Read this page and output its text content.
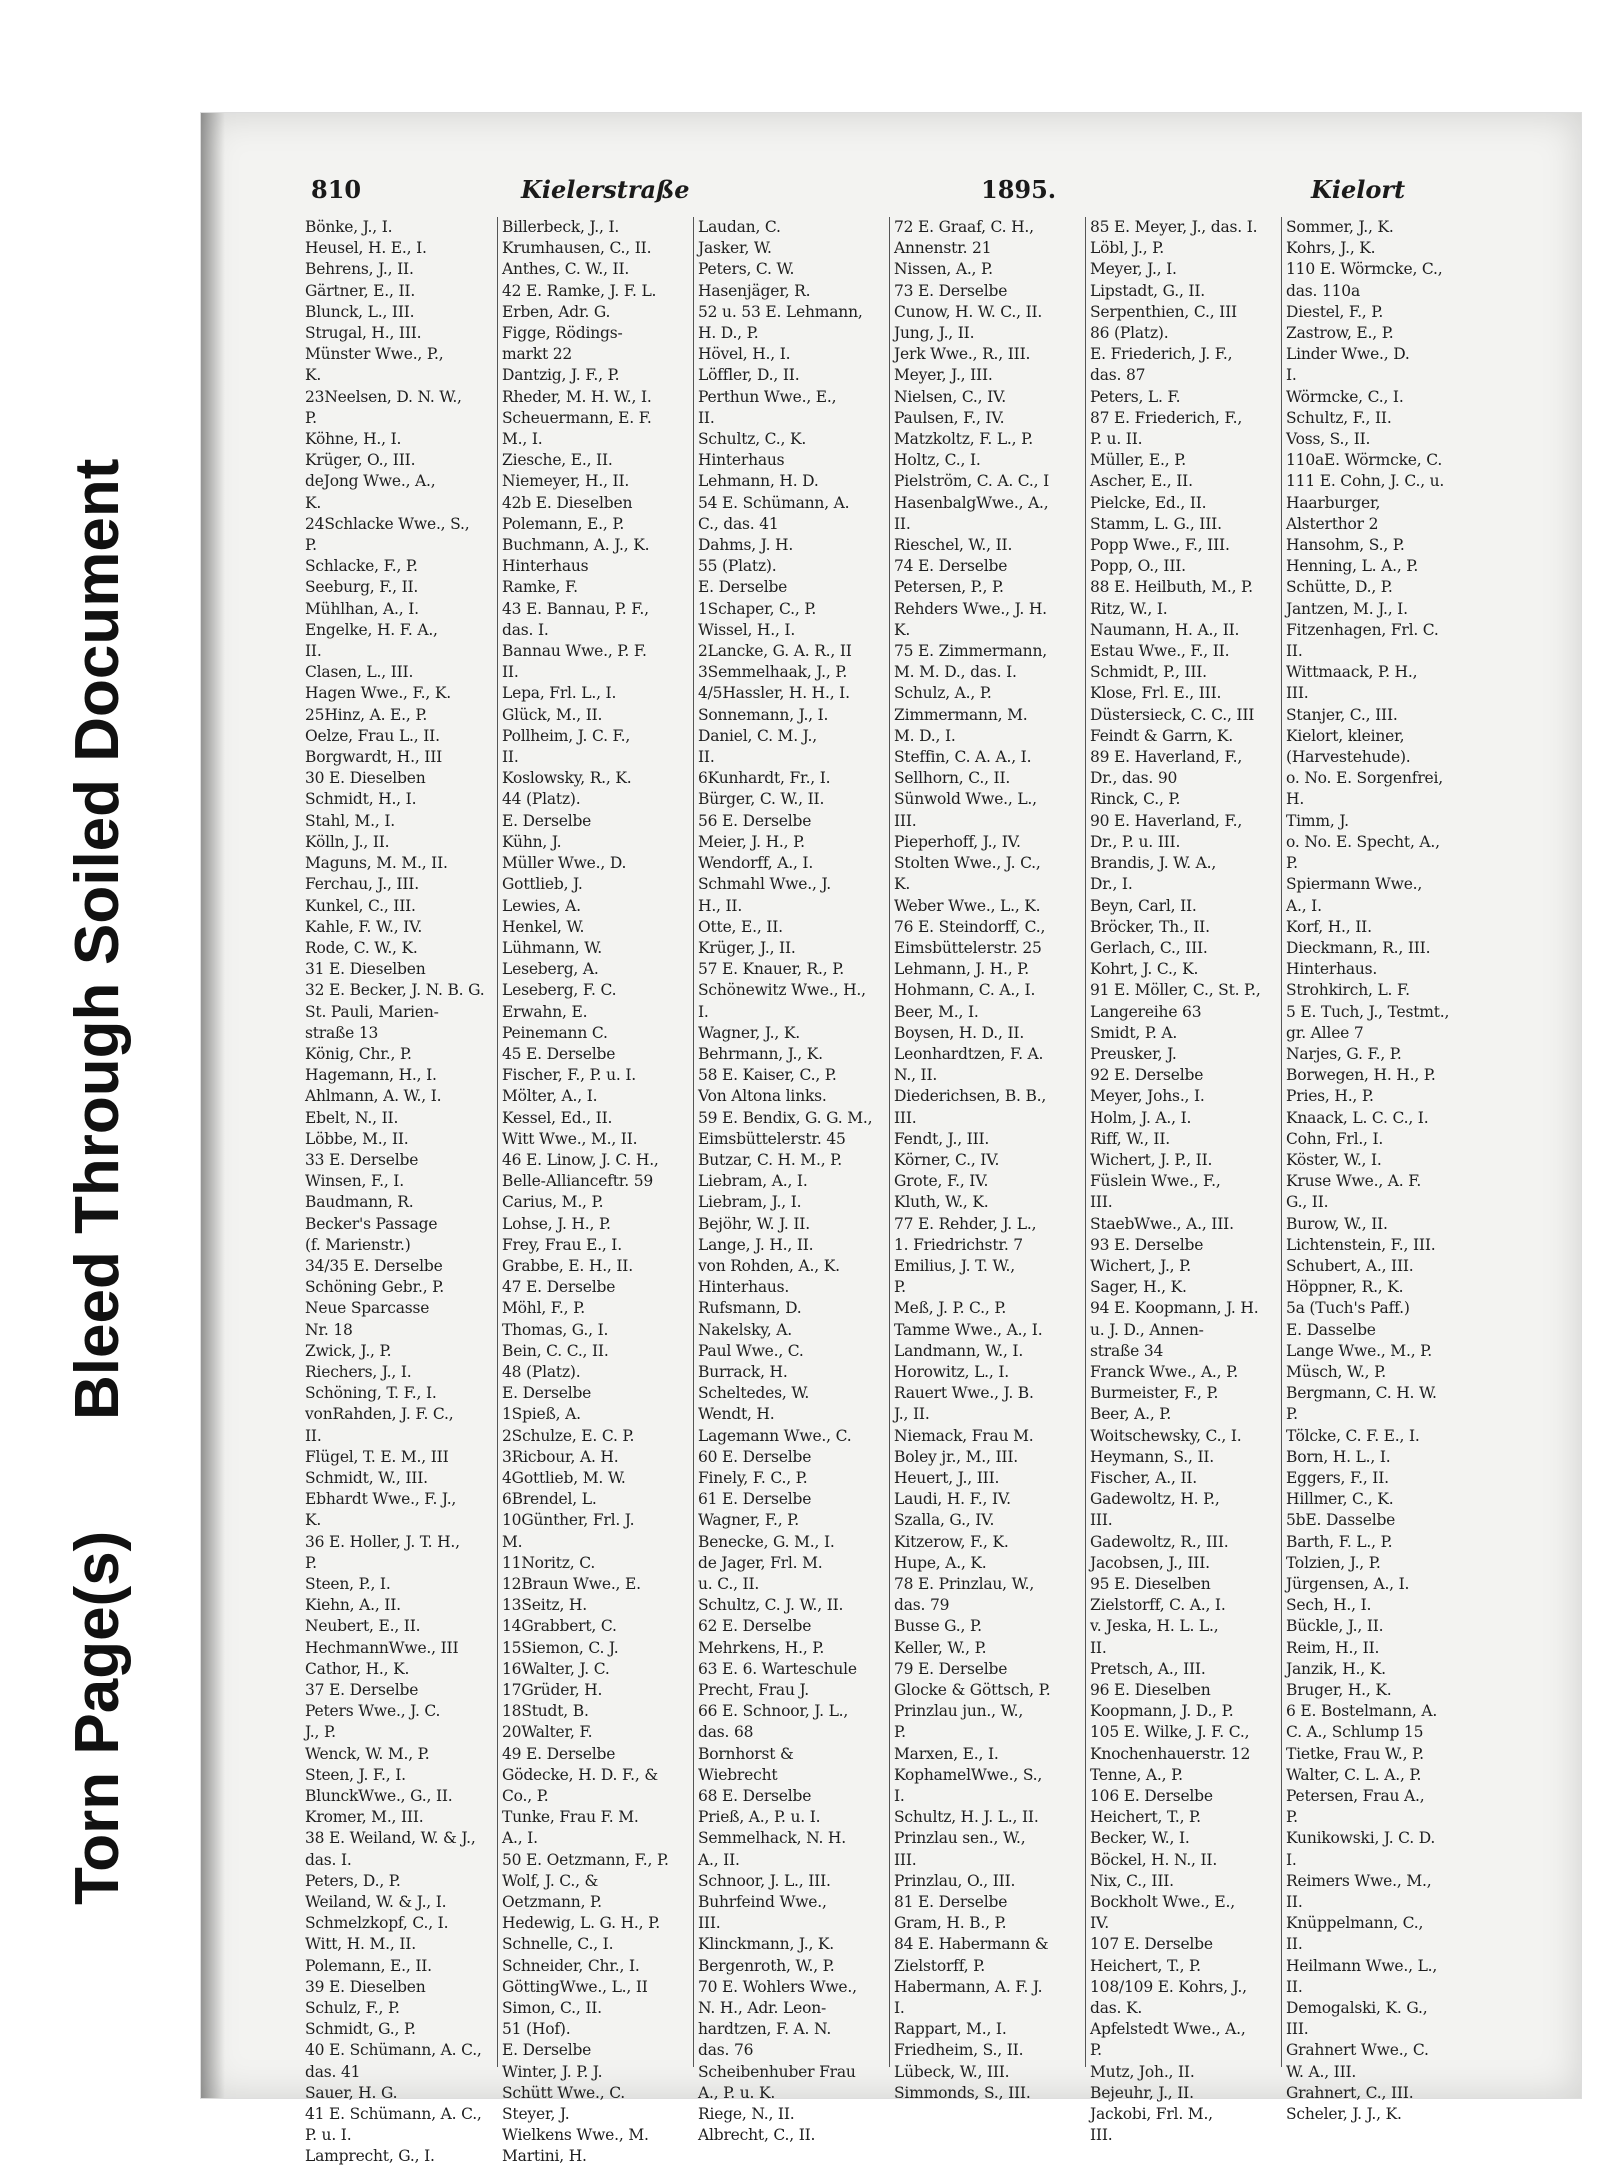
Torn Page(s)
Bleed Through
Soiled Document
810	Kielerstraße	1895.	Kielort
Bönke, J., I.
Heusel, H. E., I.
Behrens, J., II.
Gärtner, E., II.
Blunck, L., III.
Strugal, H., III.
Münster Wwe., P.,
K.
23Neelsen, D. N. W.,
P.
Köhne, H., I.
Krüger, O., III.
deJong Wwe., A.,
K.
24Schlacke Wwe., S.,
P.
Schlacke, F., P.
Seeburg, F., II.
Mühlhan, A., I.
Engelke, H. F. A.,
II.
Clasen, L., III.
Hagen Wwe., F., K.
25Hinz, A. E., P.
Oelze, Frau L., II.
Borgwardt, H., III
30 E. Dieselben
Schmidt, H., I.
Stahl, M., I.
Kölln, J., II.
Maguns, M. M., II.
Ferchau, J., III.
Kunkel, C., III.
Kahle, F. W., IV.
Rode, C. W., K.
31 E. Dieselben
32 E. Becker, J. N. B. G.
St. Pauli, Marien-
straße 13
König, Chr., P.
Hagemann, H., I.
Ahlmann, A. W., I.
Ebelt, N., II.
Löbbe, M., II.
33 E. Derselbe
Winsen, F., I.
Baudmann, R.
Becker's Passage
(f. Marienstr.)
34/35 E. Derselbe
Schöning Gebr., P.
Neue Sparcasse
Nr. 18
Zwick, J., P.
Riechers, J., I.
Schöning, T. F., I.
vonRahden, J. F. C.,
II.
Flügel, T. E. M., III
Schmidt, W., III.
Ebhardt Wwe., F. J.,
K.
36 E. Holler, J. T. H.,
P.
Steen, P., I.
Kiehn, A., II.
Neubert, E., II.
HechmannWwe., III
Cathor, H., K.
37 E. Derselbe
Peters Wwe., J. C.
J., P.
Wenck, W. M., P.
Steen, J. F., I.
BlunckWwe., G., II.
Kromer, M., III.
38 E. Weiland, W. & J.,
das. I.
Peters, D., P.
Weiland, W. & J., I.
Schmelzkopf, C., I.
Witt, H. M., II.
Polemann, E., II.
39 E. Dieselben
Schulz, F., P.
Schmidt, G., P.
40 E. Schümann, A. C.,
das. 41
Sauer, H. G.
41 E. Schümann, A. C.,
P. u. I.
Lamprecht, G., I.
Billerbeck, J., I.
Krumhausen, C., II.
Anthes, C. W., II.
42 E. Ramke, J. F. L.
Erben, Adr. G.
Figge, Rödings-
markt 22
Dantzig, J. F., P.
Rheder, M. H. W., I.
Scheuermann, E. F.
M., I.
Ziesche, E., II.
Niemeyer, H., II.
42b E. Dieselben
Polemann, E., P.
Buchmann, A. J., K.
Hinterhaus
Ramke, F.
43 E. Bannau, P. F.,
das. I.
Bannau Wwe., P. F.
II.
Lepa, Frl. L., I.
Glück, M., II.
Pollheim, J. C. F.,
II.
Koslowsky, R., K.
44 (Platz).
E. Derselbe
Kühn, J.
Müller Wwe., D.
Gottlieb, J.
Lewies, A.
Henkel, W.
Lühmann, W.
Leseberg, A.
Leseberg, F. C.
Erwahn, E.
Peinemann C.
45 E. Derselbe
Fischer, F., P. u. I.
Mölter, A., I.
Kessel, Ed., II.
Witt Wwe., M., II.
46 E. Linow, J. C. H.,
Belle-Allianceftr. 59
Carius, M., P.
Lohse, J. H., P.
Frey, Frau E., I.
Grabbe, E. H., II.
47 E. Derselbe
Möhl, F., P.
Thomas, G., I.
Bein, C. C., II.
48 (Platz).
E. Derselbe
1Spieß, A.
2Schulze, E. C. P.
3Ricbour, A. H.
4Gottlieb, M. W.
6Brendel, L.
10Günther, Frl. J.
M.
11Noritz, C.
12Braun Wwe., E.
13Seitz, H.
14Grabbert, C.
15Siemon, C. J.
16Walter, J. C.
17Grüder, H.
18Studt, B.
20Walter, F.
49 E. Derselbe
Gödecke, H. D. F., &
Co., P.
Tunke, Frau F. M.
A., I.
50 E. Oetzmann, F., P.
Wolf, J. C., &
Oetzmann, P.
Hedewig, L. G. H., P.
Schnelle, C., I.
Schneider, Chr., I.
GöttingWwe., L., II
Simon, C., II.
51 (Hof).
E. Derselbe
Winter, J. P. J.
Schütt Wwe., C.
Steyer, J.
Wielkens Wwe., M.
Martini, H.
Laudan, C.
Jasker, W.
Peters, C. W.
Hasenjäger, R.
52 u. 53 E. Lehmann,
H. D., P.
Hövel, H., I.
Löffler, D., II.
Perthun Wwe., E.,
II.
Schultz, C., K.
Hinterhaus
Lehmann, H. D.
54 E. Schümann, A.
C., das. 41
Dahms, J. H.
55 (Platz).
E. Derselbe
1Schaper, C., P.
Wissel, H., I.
2Lancke, G. A. R., II
3Semmelhaak, J., P.
4/5Hassler, H. H., I.
Sonnemann, J., I.
Daniel, C. M. J.,
II.
6Kunhardt, Fr., I.
Bürger, C. W., II.
56 E. Derselbe
Meier, J. H., P.
Wendorff, A., I.
Schmahl Wwe., J.
H., II.
Otte, E., II.
Krüger, J., II.
57 E. Knauer, R., P.
Schönewitz Wwe., H.,
I.
Wagner, J., K.
Behrmann, J., K.
58 E. Kaiser, C., P.
Von Altona links.
59 E. Bendix, G. G. M.,
Eimsbüttelerstr. 45
Butzar, C. H. M., P.
Liebram, A., I.
Liebram, J., I.
Bejöhr, W. J. II.
Lange, J. H., II.
von Rohden, A., K.
Hinterhaus.
Rufsmann, D.
Nakelsky, A.
Paul Wwe., C.
Burrack, H.
Scheltedes, W.
Wendt, H.
Lagemann Wwe., C.
60 E. Derselbe
Finely, F. C., P.
61 E. Derselbe
Wagner, F., P.
Benecke, G. M., I.
de Jager, Frl. M.
u. C., II.
Schultz, C. J. W., II.
62 E. Derselbe
Mehrkens, H., P.
63 E. 6. Warteschule
Precht, Frau J.
66 E. Schnoor, J. L.,
das. 68
Bornhorst &
Wiebrecht
68 E. Derselbe
Prieß, A., P. u. I.
Semmelhack, N. H.
A., II.
Schnoor, J. L., III.
Buhrfeind Wwe.,
III.
Klinckmann, J., K.
Bergenroth, W., P.
70 E. Wohlers Wwe.,
N. H., Adr. Leon-
hardtzen, F. A. N.
das. 76
Scheibenhuber Frau
A., P. u. K.
Riege, N., II.
Albrecht, C., II.
72 E. Graaf, C. H.,
Annenstr. 21
Nissen, A., P.
73 E. Derselbe
Cunow, H. W. C., II.
Jung, J., II.
Jerk Wwe., R., III.
Meyer, J., III.
Nielsen, C., IV.
Paulsen, F., IV.
Matzkoltz, F. L., P.
Holtz, C., I.
Pielström, C. A. C., I
HasenbalgWwe., A.,
II.
Rieschel, W., II.
74 E. Derselbe
Petersen, P., P.
Rehders Wwe., J. H.
K.
75 E. Zimmermann,
M. M. D., das. I.
Schulz, A., P.
Zimmermann, M.
M. D., I.
Steffin, C. A. A., I.
Sellhorn, C., II.
Sünwold Wwe., L.,
III.
Pieperhoff, J., IV.
Stolten Wwe., J. C.,
K.
Weber Wwe., L., K.
76 E. Steindorff, C.,
Eimsbüttelerstr. 25
Lehmann, J. H., P.
Hohmann, C. A., I.
Beer, M., I.
Boysen, H. D., II.
Leonhardtzen, F. A.
N., II.
Diederichsen, B. B.,
III.
Fendt, J., III.
Körner, C., IV.
Grote, F., IV.
Kluth, W., K.
77 E. Rehder, J. L.,
1. Friedrichstr. 7
Emilius, J. T. W.,
P.
Meß, J. P. C., P.
Tamme Wwe., A., I.
Landmann, W., I.
Horowitz, L., I.
Rauert Wwe., J. B.
J., II.
Niemack, Frau M.
Boley jr., M., III.
Heuert, J., III.
Laudi, H. F., IV.
Szalla, G., IV.
Kitzerow, F., K.
Hupe, A., K.
78 E. Prinzlau, W.,
das. 79
Busse G., P.
Keller, W., P.
79 E. Derselbe
Glocke & Göttsch, P.
Prinzlau jun., W.,
P.
Marxen, E., I.
KophamelWwe., S.,
I.
Schultz, H. J. L., II.
Prinzlau sen., W.,
III.
Prinzlau, O., III.
81 E. Derselbe
Gram, H. B., P.
84 E. Habermann &
Zielstorff, P.
Habermann, A. F. J.
I.
Rappart, M., I.
Friedheim, S., II.
Lübeck, W., III.
Simmonds, S., III.
85 E. Meyer, J., das. I.
Löbl, J., P.
Meyer, J., I.
Lipstadt, G., II.
Serpenthien, C., III
86 (Platz).
E. Friederich, J. F.,
das. 87
Peters, L. F.
87 E. Friederich, F.,
P. u. II.
Müller, E., P.
Ascher, E., II.
Pielcke, Ed., II.
Stamm, L. G., III.
Popp Wwe., F., III.
Popp, O., III.
88 E. Heilbuth, M., P.
Ritz, W., I.
Naumann, H. A., II.
Estau Wwe., F., II.
Schmidt, P., III.
Klose, Frl. E., III.
Düstersieck, C. C., III
Feindt & Garrn, K.
89 E. Haverland, F.,
Dr., das. 90
Rinck, C., P.
90 E. Haverland, F.,
Dr., P. u. III.
Brandis, J. W. A.,
Dr., I.
Beyn, Carl, II.
Bröcker, Th., II.
Gerlach, C., III.
Kohrt, J. C., K.
91 E. Möller, C., St. P.,
Langereihe 63
Smidt, P. A.
Preusker, J.
92 E. Derselbe
Meyer, Johs., I.
Holm, J. A., I.
Riff, W., II.
Wichert, J. P., II.
Füslein Wwe., F.,
III.
StaebWwe., A., III.
93 E. Derselbe
Wichert, J., P.
Sager, H., K.
94 E. Koopmann, J. H.
u. J. D., Annen-
straße 34
Franck Wwe., A., P.
Burmeister, F., P.
Beer, A., P.
Woitschewsky, C., I.
Heymann, S., II.
Fischer, A., II.
Gadewoltz, H. P.,
III.
Gadewoltz, R., III.
Jacobsen, J., III.
95 E. Dieselben
Zielstorff, C. A., I.
v. Jeska, H. L. L.,
II.
Pretsch, A., III.
96 E. Dieselben
Koopmann, J. D., P.
105 E. Wilke, J. F. C.,
Knochenhauerstr. 12
Tenne, A., P.
106 E. Derselbe
Heichert, T., P.
Becker, W., I.
Böckel, H. N., II.
Nix, C., III.
Bockholt Wwe., E.,
IV.
107 E. Derselbe
Heichert, T., P.
108/109 E. Kohrs, J.,
das. K.
Apfelstedt Wwe., A.,
P.
Mutz, Joh., II.
Bejeuhr, J., II.
Jackobi, Frl. M.,
III.
Sommer, J., K.
Kohrs, J., K.
110 E. Wörmcke, C.,
das. 110a
Diestel, F., P.
Zastrow, E., P.
Linder Wwe., D.
I.
Wörmcke, C., I.
Schultz, F., II.
Voss, S., II.
110aE. Wörmcke, C.
111 E. Cohn, J. C., u.
Haarburger,
Alsterthor 2
Hansohm, S., P.
Henning, L. A., P.
Schütte, D., P.
Jantzen, M. J., I.
Fitzenhagen, Frl. C.
II.
Wittmaack, P. H.,
III.
Stanjer, C., III.
Kielort, kleiner,
(Harvestehude).
o. No. E. Sorgenfrei,
H.
Timm, J.
o. No. E. Specht, A.,
P.
Spiermann Wwe.,
A., I.
Korf, H., II.
Dieckmann, R., III.
Hinterhaus.
Strohkirch, L. F.
5 E. Tuch, J., Testmt.,
gr. Allee 7
Narjes, G. F., P.
Borwegen, H. H., P.
Pries, H., P.
Knaack, L. C. C., I.
Cohn, Frl., I.
Köster, W., I.
Kruse Wwe., A. F.
G., II.
Burow, W., II.
Lichtenstein, F., III.
Schubert, A., III.
Höppner, R., K.
5a (Tuch's Paff.)
E. Dasselbe
Lange Wwe., M., P.
Müsch, W., P.
Bergmann, C. H. W.
P.
Tölcke, C. F. E., I.
Born, H. L., I.
Eggers, F., II.
Hillmer, C., K.
5bE. Dasselbe
Barth, F. L., P.
Tolzien, J., P.
Jürgensen, A., I.
Sech, H., I.
Bückle, J., II.
Reim, H., II.
Janzik, H., K.
Bruger, H., K.
6 E. Bostelmann, A.
C. A., Schlump 15
Tietke, Frau W., P.
Walter, C. L. A., P.
Petersen, Frau A.,
P.
Kunikowski, J. C. D.
I.
Reimers Wwe., M.,
II.
Knüppelmann, C.,
II.
Heilmann Wwe., L.,
II.
Demogalski, K. G.,
III.
Grahnert Wwe., C.
W. A., III.
Grahnert, C., III.
Scheler, J. J., K.
